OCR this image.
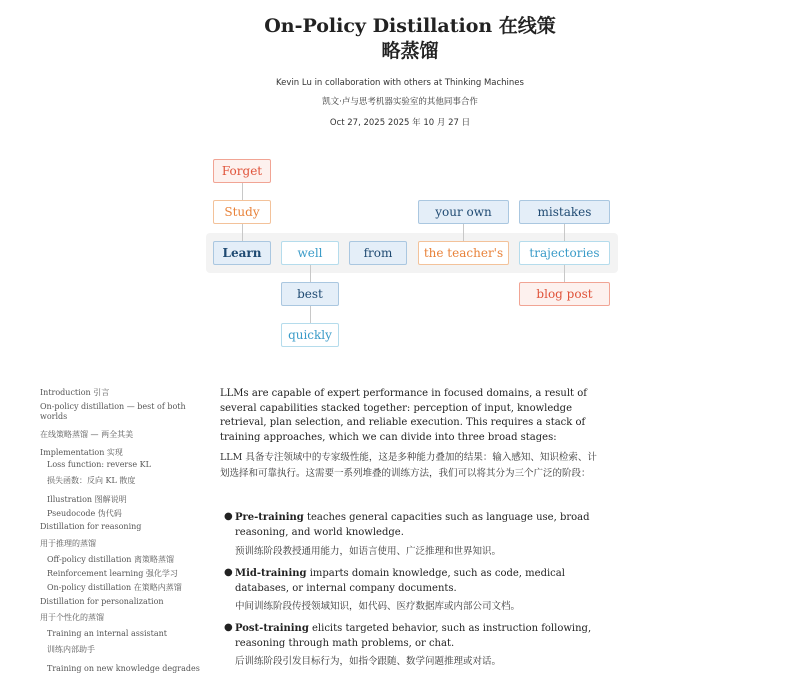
On-Policy Distillation 在线策略蒸馏
Kevin Lu in collaboration with others at Thinking Machines
凯文·卢与思考机器实验室的其他同事合作
Oct 27, 2025 2025 年 10 月 27 日
Forget
Study
Learn	well
best
quickly
from
your own
the teacher's
mistakes
trajectories
blog post
Introduction 引言
On-policy distillation — best of both worlds
在线策略蒸馏 — 两全其美
Implementation 实现
Loss function: reverse KL
损失函数：反向 KL 散度
Illustration 图解说明
Pseudocode 伪代码
Distillation for reasoning
用于推理的蒸馏
Off-policy distillation 离策略蒸馏
Reinforcement learning 强化学习
On-policy distillation 在策略内蒸馏
Distillation for personalization
用于个性化的蒸馏
Training an internal assistant
训练内部助手
Training on new knowledge degrades

LLMs are capable of expert performance in focused domains, a result of several capabilities stacked together: perception of input, knowledge retrieval, plan selection, and reliable execution. This requires a stack of training approaches, which we can divide into three broad stages:

LLM 具备专注领域中的专家级性能，这是多种能力叠加的结果：输入感知、知识检索、计划选择和可靠执行。这需要一系列堆叠的训练方法，我们可以将其分为三个广泛的阶段：

● Pre-training teaches general capacities such as language use, broad reasoning, and world knowledge.

预训练阶段教授通用能力，如语言使用、广泛推理和世界知识。

● Mid-training imparts domain knowledge, such as code, medical databases, or internal company documents.

中间训练阶段传授领域知识，如代码、医疗数据库或内部公司文档。

● Post-training elicits targeted behavior, such as instruction following, reasoning through math problems, or chat.

后训练阶段引发目标行为，如指令跟随、数学问题推理或对话。
